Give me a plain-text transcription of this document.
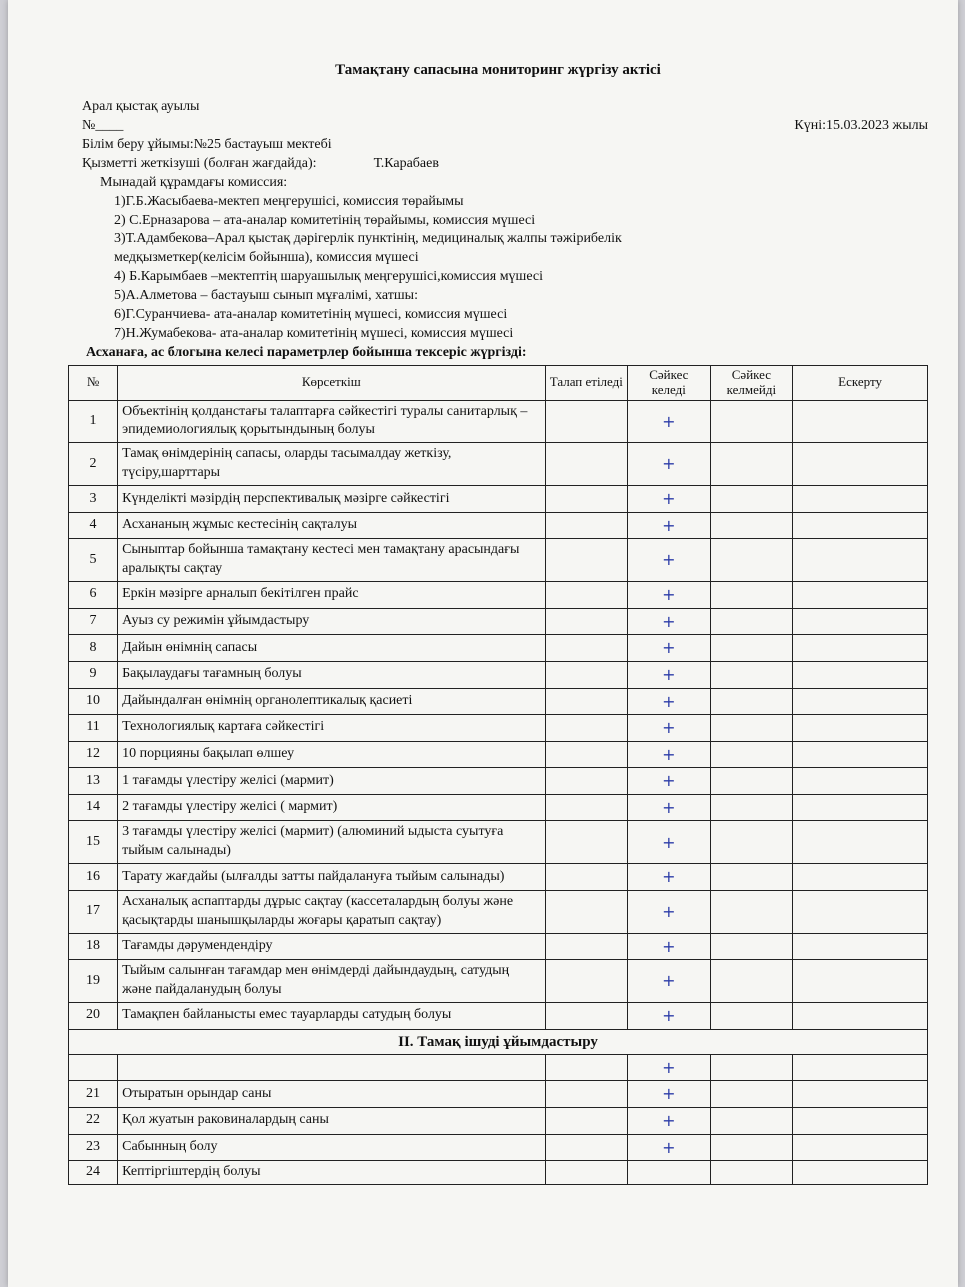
Тамақтану сапасына мониторинг жүргізу актісі
Арал қыстақ ауылы
№____	Күні:15.03.2023 жылы
Білім беру ұйымы:№25 бастауыш мектебі
Қызметті жеткізуші (болған жағдайда):	Т.Карабаев
Мынадай құрамдағы комиссия:
1)Г.Б.Жасыбаева-мектеп меңгерушісі, комиссия төрайымы
2) С.Ерназарова – ата-аналар комитетінің төрайымы, комиссия мүшесі
3)Т.Адамбекова–Арал қыстақ дәрігерлік пунктінің, медициналық жалпы тәжірибелік
медқызметкер(келісім бойынша), комиссия мүшесі
4) Б.Карымбаев –мектептің шаруашылық меңгерушісі,комиссия мүшесі
5)А.Алметова – бастауыш сынып мұғалімі, хатшы:
6)Г.Суранчиева- ата-аналар комитетінің мүшесі, комиссия мүшесі
7)Н.Жумабекова- ата-аналар комитетінің мүшесі, комиссия мүшесі
Асханаға, ас блогына келесі параметрлер бойынша тексеріс жүргізді:
№	Көрсеткіш	Талап етіледі	Сәйкес келеді	Сәйкес келмейді	Ескерту
1	Объектінің қолданстағы талаптарға сәйкестігі туралы санитарлық – эпидемиологиялық қорытындының болуы		+		
2	Тамақ өнімдерінің сапасы, оларды тасымалдау жеткізу, түсіру,шарттары		+		
3	Күнделікті мәзірдің перспективалық мәзірге сәйкестігі		+		
4	Асхананың жұмыс кестесінің сақталуы		+		
5	Сыныптар бойынша тамақтану кестесі мен тамақтану арасындағы аралықты сақтау		+		
6	Еркін мәзірге арналып бекітілген прайс		+		
7	Ауыз су режимін ұйымдастыру		+		
8	Дайын өнімнің сапасы		+		
9	Бақылаудағы тағамның болуы		+		
10	Дайындалған өнімнің органолептикалық қасиеті		+		
11	Технологиялық картаға сәйкестігі		+		
12	10 порцияны бақылап өлшеу		+		
13	1 тағамды үлестіру желісі (мармит)		+		
14	2 тағамды үлестіру желісі ( мармит)		+		
15	3 тағамды үлестіру желісі (мармит) (алюминий ыдыста суытуға тыйым салынады)		+		
16	Тарату жағдайы (ылғалды затты пайдалануға тыйым салынады)		+		
17	Асханалық аспаптарды дұрыс сақтау (кассеталардың болуы және қасықтарды шанышқыларды жоғары қаратып сақтау)		+		
18	Тағамды дәрумендендіру		+		
19	Тыйым салынған тағамдар мен өнімдерді дайындаудың, сатудың және пайдаланудың болуы		+		
20	Тамақпен байланысты емес тауарларды сатудың болуы		+		
ІІ. Тамақ ішуді ұйымдастыру					
			+		
21	Отыратын орындар саны		+		
22	Қол жуатын раковиналардың саны		+		
23	Сабынның болу		+		
24	Кептіргіштердің болуы				
